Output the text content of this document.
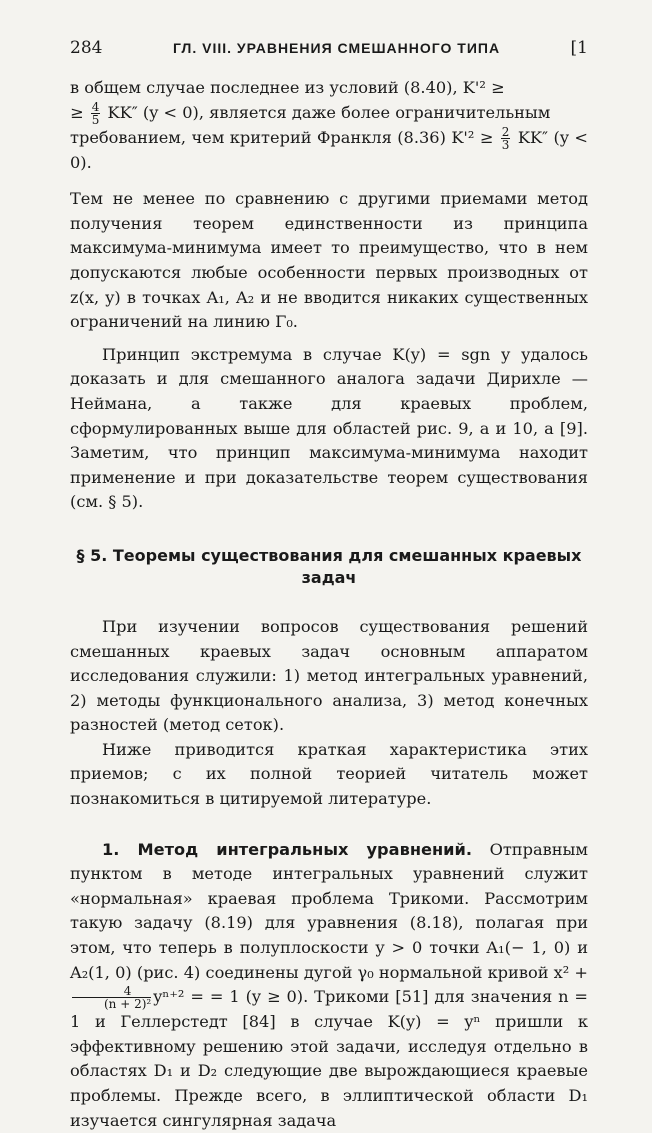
284	ГЛ. VIII. УРАВНЕНИЯ СМЕШАННОГО ТИПА	[1

в общем случае последнее из условий (8.40), K'² ≥
≥ $\frac{4}{5} KK''$ (y < 0), является даже более ограничительным
требованием, чем критерий Франкля (8.36) $K'^2 \ge \frac{2}{3} KK''$ (y < 0).

Тем не менее по сравнению с другими приемами метод получения теорем единственности из принципа максимума-минимума имеет то преимущество, что в нем допускаются любые особенности первых производных от z(x, y) в точках A₁, A₂ и не вводится никаких существенных ограничений на линию Γ₀.

Принцип экстремума в случае K(y) = sgn y удалось доказать и для смешанного аналога задачи Дирихле — Неймана, а также для краевых проблем, сформулированных выше для областей рис. 9, а и 10, а [9]. Заметим, что принцип максимума-минимума находит применение и при доказательстве теорем существования (см. § 5).

§ 5. Теоремы существования для смешанных краевых
задач

При изучении вопросов существования решений смешанных краевых задач основным аппаратом исследования служили: 1) метод интегральных уравнений, 2) методы функционального анализа, 3) метод конечных разностей (метод сеток).

Ниже приводится краткая характеристика этих приемов; с их полной теорией читатель может познакомиться в цитируемой литературе.

1. Метод интегральных уравнений. Отправным пунктом в методе интегральных уравнений служит «нормальная» краевая проблема Трикоми. Рассмотрим такую задачу (8.19) для уравнения (8.18), полагая при этом, что теперь в полуплоскости y > 0 точки A₁(− 1, 0) и A₂(1, 0) (рис. 4) соединены дугой γ₀ нормальной кривой x² +
$\frac{4}{\text{(n + 2)²}} y^{n+2}$ = = 1 (y ≥ 0). Трикоми [51] для значения n = 1 и Геллерстедт [84] в случае K(y) = yⁿ пришли к эффективному решению этой задачи, исследуя отдельно в областях D₁ и D₂ следующие две вырождающиеся краевые проблемы. Прежде всего, в эллиптической области D₁ изучается сингулярная задача
